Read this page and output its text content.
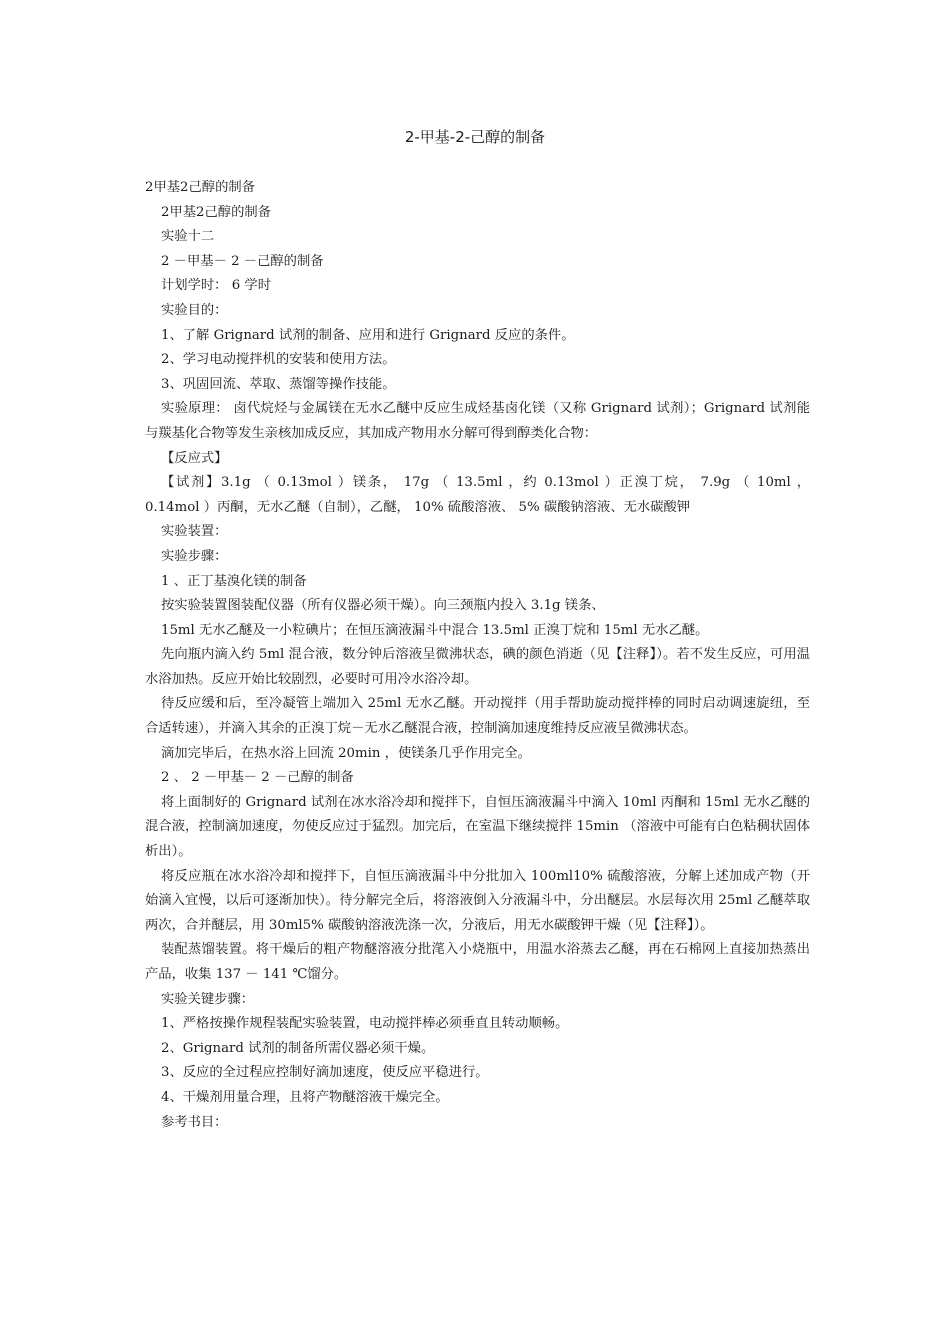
2-甲基-2-己醇的制备

2甲基2己醇的制备

2甲基2己醇的制备

实验十二

2 －甲基－ 2 －己醇的制备

计划学时： 6 学时

实验目的：

1、了解 Grignard 试剂的制备、应用和进行 Grignard 反应的条件。

2、学习电动搅拌机的安装和使用方法。

3、巩固回流、萃取、蒸馏等操作技能。

实验原理： 卤代烷烃与金属镁在无水乙醚中反应生成烃基卤化镁（又称 Grignard 试剂）；Grignard 试剂能与羰基化合物等发生亲核加成反应，其加成产物用水分解可得到醇类化合物：

【反应式】

【试剂】3.1g （ 0.13mol ）镁条， 17g （ 13.5ml ，约 0.13mol ）正溴丁烷， 7.9g （ 10ml ， 0.14mol ）丙酮，无水乙醚（自制），乙醚， 10% 硫酸溶液、 5% 碳酸钠溶液、无水碳酸钾

实验装置：

实验步骤：

1 、正丁基溴化镁的制备

按实验装置图装配仪器（所有仪器必须干燥）。向三颈瓶内投入 3.1g 镁条、

15ml 无水乙醚及一小粒碘片；在恒压滴液漏斗中混合 13.5ml 正溴丁烷和 15ml 无水乙醚。

先向瓶内滴入约 5ml 混合液，数分钟后溶液呈微沸状态，碘的颜色消逝（见【注释】）。若不发生反应，可用温水浴加热。反应开始比较剧烈，必要时可用冷水浴冷却。

待反应缓和后，至冷凝管上端加入 25ml 无水乙醚。开动搅拌（用手帮助旋动搅拌棒的同时启动调速旋纽，至合适转速），并滴入其余的正溴丁烷－无水乙醚混合液，控制滴加速度维持反应液呈微沸状态。

滴加完毕后，在热水浴上回流 20min ，使镁条几乎作用完全。

2 、 2 －甲基－ 2 －己醇的制备

将上面制好的 Grignard 试剂在冰水浴冷却和搅拌下，自恒压滴液漏斗中滴入 10ml 丙酮和 15ml 无水乙醚的混合液，控制滴加速度，勿使反应过于猛烈。加完后，在室温下继续搅拌 15min （溶液中可能有白色粘稠状固体析出）。

将反应瓶在冰水浴冷却和搅拌下，自恒压滴液漏斗中分批加入 100ml10% 硫酸溶液，分解上述加成产物（开始滴入宜慢，以后可逐渐加快）。待分解完全后，将溶液倒入分液漏斗中，分出醚层。水层每次用 25ml 乙醚萃取两次，合并醚层，用 30ml5% 碳酸钠溶液洗涤一次，分液后，用无水碳酸钾干燥（见【注释】）。

装配蒸馏装置。将干燥后的粗产物醚溶液分批滗入小烧瓶中，用温水浴蒸去乙醚，再在石棉网上直接加热蒸出产品，收集 137 － 141 ℃馏分。

实验关键步骤：

1、严格按操作规程装配实验装置，电动搅拌棒必须垂直且转动顺畅。

2、Grignard 试剂的制备所需仪器必须干燥。

3、反应的全过程应控制好滴加速度，使反应平稳进行。

4、干燥剂用量合理，且将产物醚溶液干燥完全。

参考书目：
